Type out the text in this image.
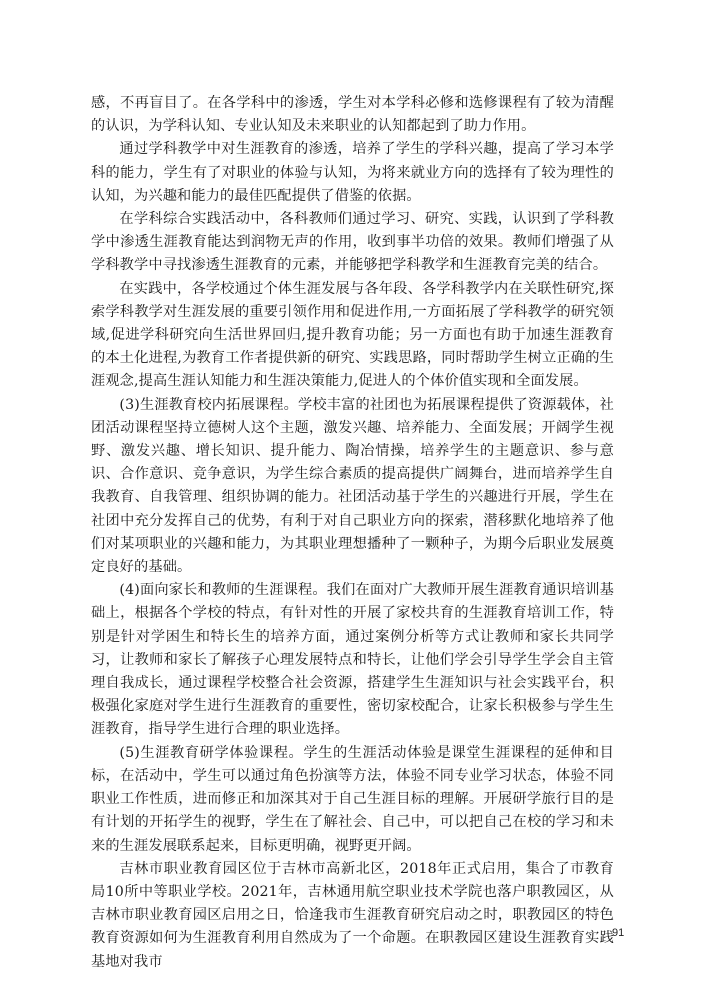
感，不再盲目了。在各学科中的渗透，学生对本学科必修和选修课程有了较为清醒的认识，为学科认知、专业认知及未来职业的认知都起到了助力作用。

通过学科教学中对生涯教育的渗透，培养了学生的学科兴趣，提高了学习本学科的能力，学生有了对职业的体验与认知，为将来就业方向的选择有了较为理性的认知，为兴趣和能力的最佳匹配提供了借鉴的依据。

在学科综合实践活动中，各科教师们通过学习、研究、实践，认识到了学科教学中渗透生涯教育能达到润物无声的作用，收到事半功倍的效果。教师们增强了从学科教学中寻找渗透生涯教育的元素，并能够把学科教学和生涯教育完美的结合。

在实践中，各学校通过个体生涯发展与各年段、各学科教学内在关联性研究,探索学科教学对生涯发展的重要引领作用和促进作用,一方面拓展了学科教学的研究领域,促进学科研究向生活世界回归,提升教育功能；另一方面也有助于加速生涯教育的本土化进程,为教育工作者提供新的研究、实践思路，同时帮助学生树立正确的生涯观念,提高生涯认知能力和生涯决策能力,促进人的个体价值实现和全面发展。

(3)生涯教育校内拓展课程。学校丰富的社团也为拓展课程提供了资源载体，社团活动课程坚持立德树人这个主题，激发兴趣、培养能力、全面发展；开阔学生视野、激发兴趣、增长知识、提升能力、陶冶情操，培养学生的主题意识、参与意识、合作意识、竞争意识，为学生综合素质的提高提供广阔舞台，进而培养学生自我教育、自我管理、组织协调的能力。社团活动基于学生的兴趣进行开展，学生在社团中充分发挥自己的优势，有利于对自己职业方向的探索，潜移默化地培养了他们对某项职业的兴趣和能力，为其职业理想播种了一颗种子，为期今后职业发展奠定良好的基础。

(4)面向家长和教师的生涯课程。我们在面对广大教师开展生涯教育通识培训基础上，根据各个学校的特点，有针对性的开展了家校共育的生涯教育培训工作，特别是针对学困生和特长生的培养方面，通过案例分析等方式让教师和家长共同学习，让教师和家长了解孩子心理发展特点和特长，让他们学会引导学生学会自主管理自我成长，通过课程学校整合社会资源，搭建学生生涯知识与社会实践平台，积极强化家庭对学生进行生涯教育的重要性，密切家校配合，让家长积极参与学生生涯教育，指导学生进行合理的职业选择。

(5)生涯教育研学体验课程。学生的生涯活动体验是课堂生涯课程的延伸和目标，在活动中，学生可以通过角色扮演等方法，体验不同专业学习状态，体验不同职业工作性质，进而修正和加深其对于自己生涯目标的理解。开展研学旅行目的是有计划的开拓学生的视野，学生在了解社会、自己中，可以把自己在校的学习和未来的生涯发展联系起来，目标更明确，视野更开阔。

吉林市职业教育园区位于吉林市高新北区，2018年正式启用，集合了市教育局10所中等职业学校。2021年，吉林通用航空职业技术学院也落户职教园区，从吉林市职业教育园区启用之日，恰逢我市生涯教育研究启动之时，职教园区的特色教育资源如何为生涯教育利用自然成为了一个命题。在职教园区建设生涯教育实践基地对我市

91
